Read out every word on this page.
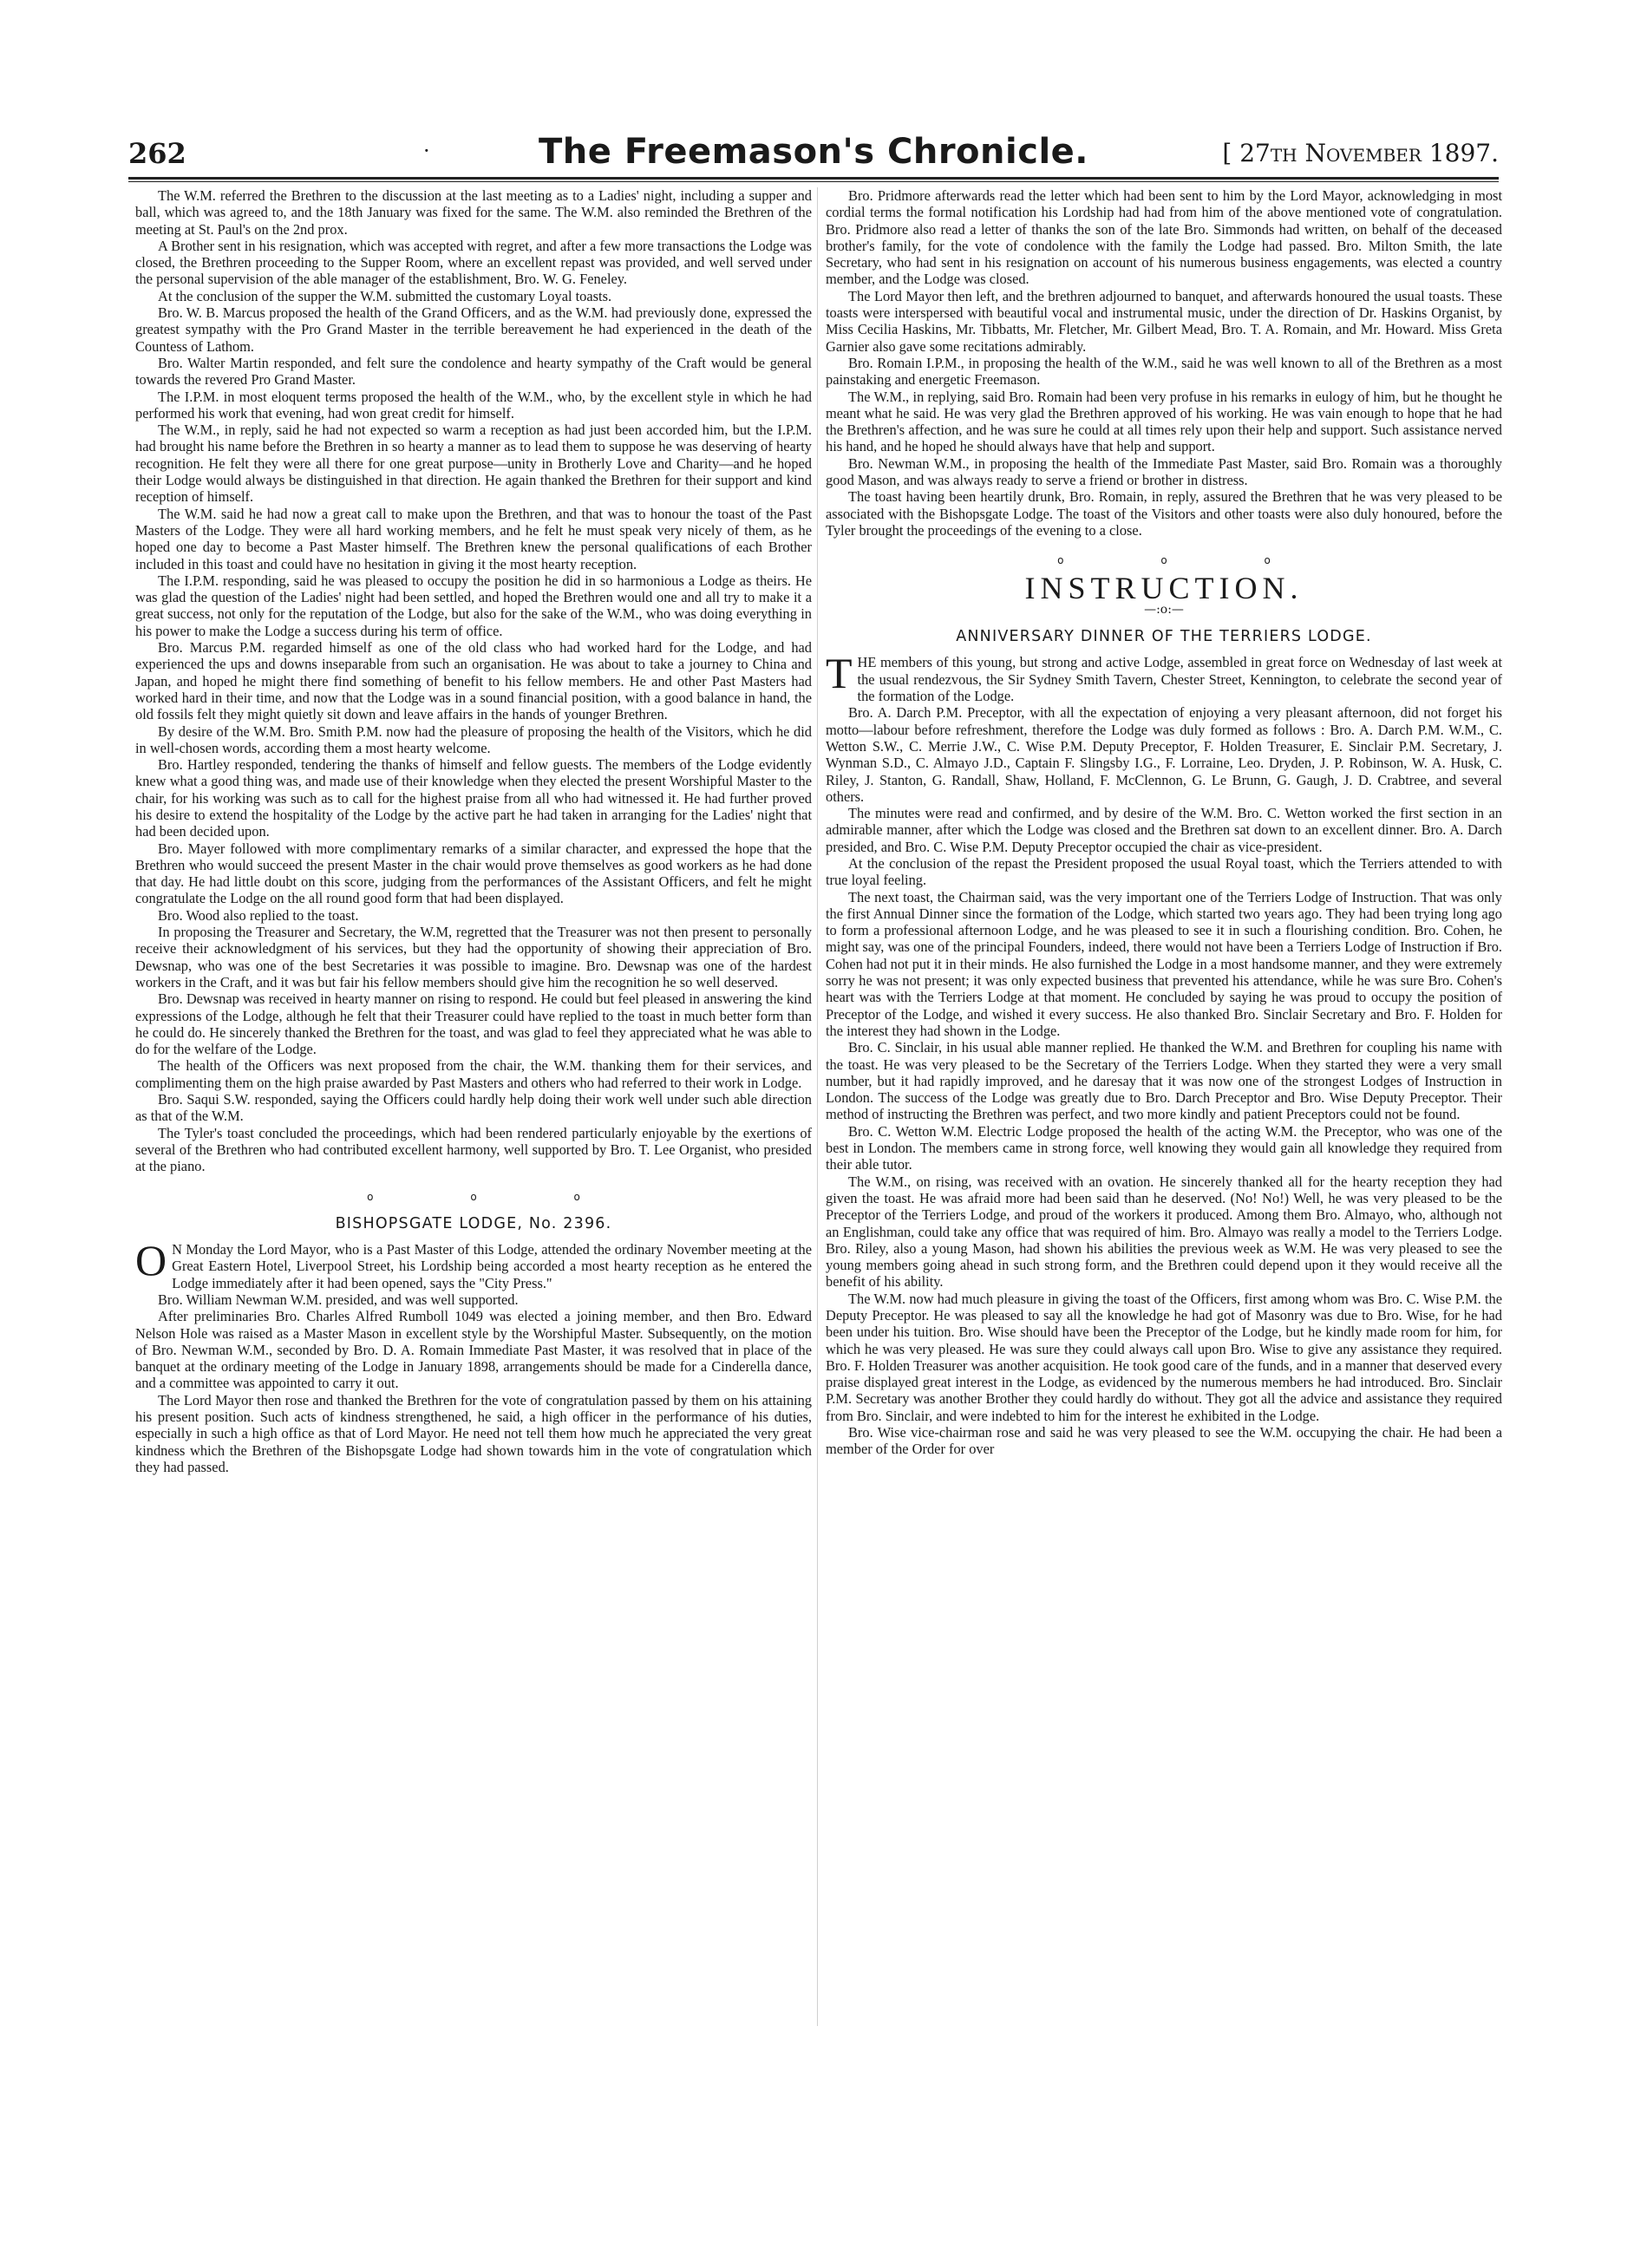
262	·	The Freemason's Chronicle.	[ 27th November 1897.

The W.M. referred the Brethren to the discussion at the last meeting as to a Ladies' night, including a supper and ball, which was agreed to, and the 18th January was fixed for the same. The W.M. also reminded the Brethren of the meeting at St. Paul's on the 2nd prox.

A Brother sent in his resignation, which was accepted with regret, and after a few more transactions the Lodge was closed, the Brethren proceeding to the Supper Room, where an excellent repast was provided, and well served under the personal supervision of the able manager of the establishment, Bro. W. G. Feneley.

At the conclusion of the supper the W.M. submitted the customary Loyal toasts.

Bro. W. B. Marcus proposed the health of the Grand Officers, and as the W.M. had previously done, expressed the greatest sympathy with the Pro Grand Master in the terrible bereavement he had experienced in the death of the Countess of Lathom.

Bro. Walter Martin responded, and felt sure the condolence and hearty sympathy of the Craft would be general towards the revered Pro Grand Master.

The I.P.M. in most eloquent terms proposed the health of the W.M., who, by the excellent style in which he had performed his work that evening, had won great credit for himself.

The W.M., in reply, said he had not expected so warm a reception as had just been accorded him, but the I.P.M. had brought his name before the Brethren in so hearty a manner as to lead them to suppose he was deserving of hearty recognition. He felt they were all there for one great purpose—unity in Brotherly Love and Charity—and he hoped their Lodge would always be distinguished in that direction. He again thanked the Brethren for their support and kind reception of himself.

The W.M. said he had now a great call to make upon the Brethren, and that was to honour the toast of the Past Masters of the Lodge. They were all hard working members, and he felt he must speak very nicely of them, as he hoped one day to become a Past Master himself. The Brethren knew the personal qualifications of each Brother included in this toast and could have no hesitation in giving it the most hearty reception.

The I.P.M. responding, said he was pleased to occupy the position he did in so harmonious a Lodge as theirs. He was glad the question of the Ladies' night had been settled, and hoped the Brethren would one and all try to make it a great success, not only for the reputation of the Lodge, but also for the sake of the W.M., who was doing everything in his power to make the Lodge a success during his term of office.

Bro. Marcus P.M. regarded himself as one of the old class who had worked hard for the Lodge, and had experienced the ups and downs inseparable from such an organisation. He was about to take a journey to China and Japan, and hoped he might there find something of benefit to his fellow members. He and other Past Masters had worked hard in their time, and now that the Lodge was in a sound financial position, with a good balance in hand, the old fossils felt they might quietly sit down and leave affairs in the hands of younger Brethren.

By desire of the W.M. Bro. Smith P.M. now had the pleasure of proposing the health of the Visitors, which he did in well-chosen words, according them a most hearty welcome.

Bro. Hartley responded, tendering the thanks of himself and fellow guests. The members of the Lodge evidently knew what a good thing was, and made use of their knowledge when they elected the present Worshipful Master to the chair, for his working was such as to call for the highest praise from all who had witnessed it. He had further proved his desire to extend the hospitality of the Lodge by the active part he had taken in arranging for the Ladies' night that had been decided upon.

Bro. Mayer followed with more complimentary remarks of a similar character, and expressed the hope that the Brethren who would succeed the present Master in the chair would prove themselves as good workers as he had done that day. He had little doubt on this score, judging from the performances of the Assistant Officers, and felt he might congratulate the Lodge on the all round good form that had been displayed.

Bro. Wood also replied to the toast.

In proposing the Treasurer and Secretary, the W.M, regretted that the Treasurer was not then present to personally receive their acknowledgment of his services, but they had the opportunity of showing their appreciation of Bro. Dewsnap, who was one of the best Secretaries it was possible to imagine. Bro. Dewsnap was one of the hardest workers in the Craft, and it was but fair his fellow members should give him the recognition he so well deserved.

Bro. Dewsnap was received in hearty manner on rising to respond. He could but feel pleased in answering the kind expressions of the Lodge, although he felt that their Treasurer could have replied to the toast in much better form than he could do. He sincerely thanked the Brethren for the toast, and was glad to feel they appreciated what he was able to do for the welfare of the Lodge.

The health of the Officers was next proposed from the chair, the W.M. thanking them for their services, and complimenting them on the high praise awarded by Past Masters and others who had referred to their work in Lodge.

Bro. Saqui S.W. responded, saying the Officers could hardly help doing their work well under such able direction as that of the W.M.

The Tyler's toast concluded the proceedings, which had been rendered particularly enjoyable by the exertions of several of the Brethren who had contributed excellent harmony, well supported by Bro. T. Lee Organist, who presided at the piano.

o o o
BISHOPSGATE LODGE, No. 2396.

O N Monday the Lord Mayor, who is a Past Master of this Lodge, attended the ordinary November meeting at the Great Eastern Hotel, Liverpool Street, his Lordship being accorded a most hearty reception as he entered the Lodge immediately after it had been opened, says the "City Press."

Bro. William Newman W.M. presided, and was well supported.

After preliminaries Bro. Charles Alfred Rumboll 1049 was elected a joining member, and then Bro. Edward Nelson Hole was raised as a Master Mason in excellent style by the Worshipful Master. Subsequently, on the motion of Bro. Newman W.M., seconded by Bro. D. A. Romain Immediate Past Master, it was resolved that in place of the banquet at the ordinary meeting of the Lodge in January 1898, arrangements should be made for a Cinderella dance, and a committee was appointed to carry it out.

The Lord Mayor then rose and thanked the Brethren for the vote of congratulation passed by them on his attaining his present position. Such acts of kindness strengthened, he said, a high officer in the performance of his duties, especially in such a high office as that of Lord Mayor. He need not tell them how much he appreciated the very great kindness which the Brethren of the Bishopsgate Lodge had shown towards him in the vote of congratulation which they had passed.

Bro. Pridmore afterwards read the letter which had been sent to him by the Lord Mayor, acknowledging in most cordial terms the formal notification his Lordship had had from him of the above mentioned vote of congratulation. Bro. Pridmore also read a letter of thanks the son of the late Bro. Simmonds had written, on behalf of the deceased brother's family, for the vote of condolence with the family the Lodge had passed. Bro. Milton Smith, the late Secretary, who had sent in his resignation on account of his numerous business engagements, was elected a country member, and the Lodge was closed.

The Lord Mayor then left, and the brethren adjourned to banquet, and afterwards honoured the usual toasts. These toasts were interspersed with beautiful vocal and instrumental music, under the direction of Dr. Haskins Organist, by Miss Cecilia Haskins, Mr. Tibbatts, Mr. Fletcher, Mr. Gilbert Mead, Bro. T. A. Romain, and Mr. Howard. Miss Greta Garnier also gave some recitations admirably.

Bro. Romain I.P.M., in proposing the health of the W.M., said he was well known to all of the Brethren as a most painstaking and energetic Freemason.

The W.M., in replying, said Bro. Romain had been very profuse in his remarks in eulogy of him, but he thought he meant what he said. He was very glad the Brethren approved of his working. He was vain enough to hope that he had the Brethren's affection, and he was sure he could at all times rely upon their help and support. Such assistance nerved his hand, and he hoped he should always have that help and support.

Bro. Newman W.M., in proposing the health of the Immediate Past Master, said Bro. Romain was a thoroughly good Mason, and was always ready to serve a friend or brother in distress.

The toast having been heartily drunk, Bro. Romain, in reply, assured the Brethren that he was very pleased to be associated with the Bishopsgate Lodge. The toast of the Visitors and other toasts were also duly honoured, before the Tyler brought the proceedings of the evening to a close.

o o o
INSTRUCTION.
—:o:—
ANNIVERSARY DINNER OF THE TERRIERS LODGE.

THE members of this young, but strong and active Lodge, assembled in great force on Wednesday of last week at the usual rendezvous, the Sir Sydney Smith Tavern, Chester Street, Kennington, to celebrate the second year of the formation of the Lodge.

Bro. A. Darch P.M. Preceptor, with all the expectation of enjoying a very pleasant afternoon, did not forget his motto—labour before refreshment, therefore the Lodge was duly formed as follows : Bro. A. Darch P.M. W.M., C. Wetton S.W., C. Merrie J.W., C. Wise P.M. Deputy Preceptor, F. Holden Treasurer, E. Sinclair P.M. Secretary, J. Wynman S.D., C. Almayo J.D., Captain F. Slingsby I.G., F. Lorraine, Leo. Dryden, J. P. Robinson, W. A. Husk, C. Riley, J. Stanton, G. Randall, Shaw, Holland, F. McClennon, G. Le Brunn, G. Gaugh, J. D. Crabtree, and several others.

The minutes were read and confirmed, and by desire of the W.M. Bro. C. Wetton worked the first section in an admirable manner, after which the Lodge was closed and the Brethren sat down to an excellent dinner. Bro. A. Darch presided, and Bro. C. Wise P.M. Deputy Preceptor occupied the chair as vice-president.

At the conclusion of the repast the President proposed the usual Royal toast, which the Terriers attended to with true loyal feeling.

The next toast, the Chairman said, was the very important one of the Terriers Lodge of Instruction. That was only the first Annual Dinner since the formation of the Lodge, which started two years ago. They had been trying long ago to form a professional afternoon Lodge, and he was pleased to see it in such a flourishing condition. Bro. Cohen, he might say, was one of the principal Founders, indeed, there would not have been a Terriers Lodge of Instruction if Bro. Cohen had not put it in their minds. He also furnished the Lodge in a most handsome manner, and they were extremely sorry he was not present; it was only expected business that prevented his attendance, while he was sure Bro. Cohen's heart was with the Terriers Lodge at that moment. He concluded by saying he was proud to occupy the position of Preceptor of the Lodge, and wished it every success. He also thanked Bro. Sinclair Secretary and Bro. F. Holden for the interest they had shown in the Lodge.

Bro. C. Sinclair, in his usual able manner replied. He thanked the W.M. and Brethren for coupling his name with the toast. He was very pleased to be the Secretary of the Terriers Lodge. When they started they were a very small number, but it had rapidly improved, and he daresay that it was now one of the strongest Lodges of Instruction in London. The success of the Lodge was greatly due to Bro. Darch Preceptor and Bro. Wise Deputy Preceptor. Their method of instructing the Brethren was perfect, and two more kindly and patient Preceptors could not be found.

Bro. C. Wetton W.M. Electric Lodge proposed the health of the acting W.M. the Preceptor, who was one of the best in London. The members came in strong force, well knowing they would gain all knowledge they required from their able tutor.

The W.M., on rising, was received with an ovation. He sincerely thanked all for the hearty reception they had given the toast. He was afraid more had been said than he deserved. (No! No!) Well, he was very pleased to be the Preceptor of the Terriers Lodge, and proud of the workers it produced. Among them Bro. Almayo, who, although not an Englishman, could take any office that was required of him. Bro. Almayo was really a model to the Terriers Lodge. Bro. Riley, also a young Mason, had shown his abilities the previous week as W.M. He was very pleased to see the young members going ahead in such strong form, and the Brethren could depend upon it they would receive all the benefit of his ability.

The W.M. now had much pleasure in giving the toast of the Officers, first among whom was Bro. C. Wise P.M. the Deputy Preceptor. He was pleased to say all the knowledge he had got of Masonry was due to Bro. Wise, for he had been under his tuition. Bro. Wise should have been the Preceptor of the Lodge, but he kindly made room for him, for which he was very pleased. He was sure they could always call upon Bro. Wise to give any assistance they required. Bro. F. Holden Treasurer was another acquisition. He took good care of the funds, and in a manner that deserved every praise displayed great interest in the Lodge, as evidenced by the numerous members he had introduced. Bro. Sinclair P.M. Secretary was another Brother they could hardly do without. They got all the advice and assistance they required from Bro. Sinclair, and were indebted to him for the interest he exhibited in the Lodge.

Bro. Wise vice-chairman rose and said he was very pleased to see the W.M. occupying the chair. He had been a member of the Order for over
